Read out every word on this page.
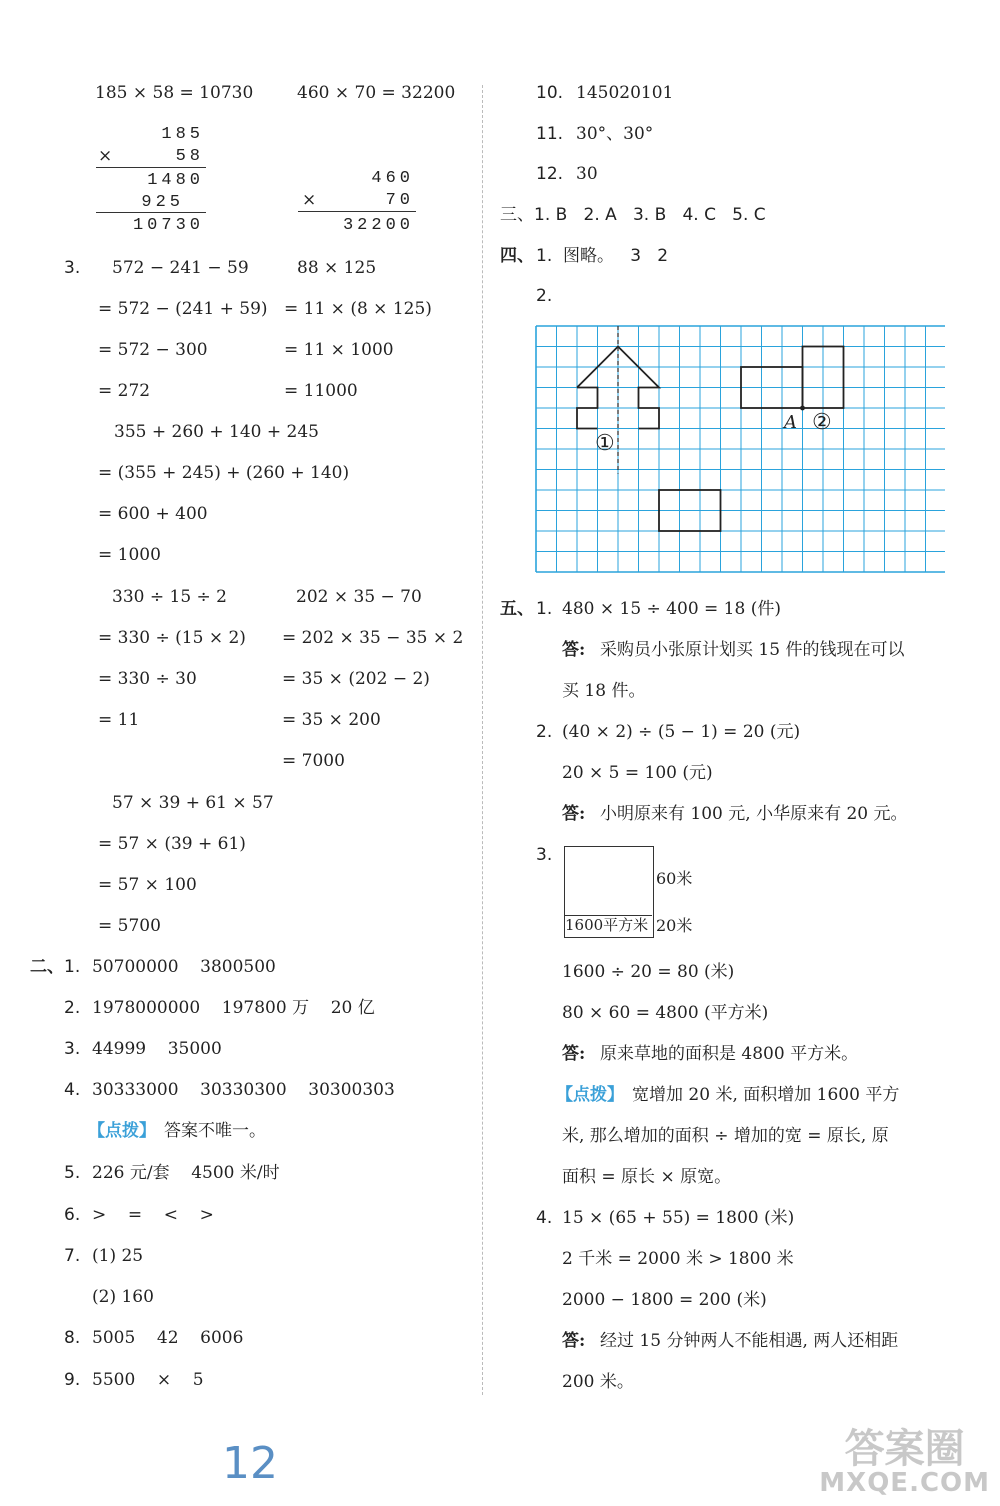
185 × 58 = 10730	460 × 70 = 32200
185
×	58
1480
925
10730
460
×	70
32200
3. 572 − 241 − 59
= 572 − (241 + 59)
= 572 − 300
= 272
88 × 125
= 11 × (8 × 125)
= 11 × 1000
= 11000
355 + 260 + 140 + 245
= (355 + 245) + (260 + 140)
= 600 + 400
= 1000
330 ÷ 15 ÷ 2
= 330 ÷ (15 × 2)
= 330 ÷ 30
= 11
202 × 35 − 70
= 202 × 35 − 35 × 2
= 35 × (202 − 2)
= 35 × 200
= 7000
57 × 39 + 61 × 57
= 57 × (39 + 61)
= 57 × 100
= 5700
二、 1. 50700000    3800500
2. 1978000000    197800 万    20 亿
3. 44999    35000
4. 30333000    30330300    30300303
【点拨】 答案不唯一。
5. 226 元/套    4500 米/时
6. >    =    <    >
7. (1) 25
(2) 160
8. 5005    42    6006
9. 5500    ×    5
12
10. 145020101
11. 30°、30°
12. 30
三、1. B   2. A   3. B   4. C   5. C
四、 1.  图略。   3   2
2.
①
②
A
五、 1. 480 × 15 ÷ 400 = 18 (件)
答: 采购员小张原计划买 15 件的钱现在可以
买 18 件。
2. (40 × 2) ÷ (5 − 1) = 20 (元)
20 × 5 = 100 (元)
答: 小明原来有 100 元, 小华原来有 20 元。
3.
60米
20米
1600平方米
1600 ÷ 20 = 80 (米)
80 × 60 = 4800 (平方米)
答: 原来草地的面积是 4800 平方米。
【点拨】 宽增加 20 米, 面积增加 1600 平方
米, 那么增加的面积 ÷ 增加的宽 = 原长, 原
面积 = 原长 × 原宽。
4. 15 × (65 + 55) = 1800 (米)
2 千米 = 2000 米 > 1800 米
2000 − 1800 = 200 (米)
答: 经过 15 分钟两人不能相遇, 两人还相距
200 米。
答案圈
MXQE.COM
